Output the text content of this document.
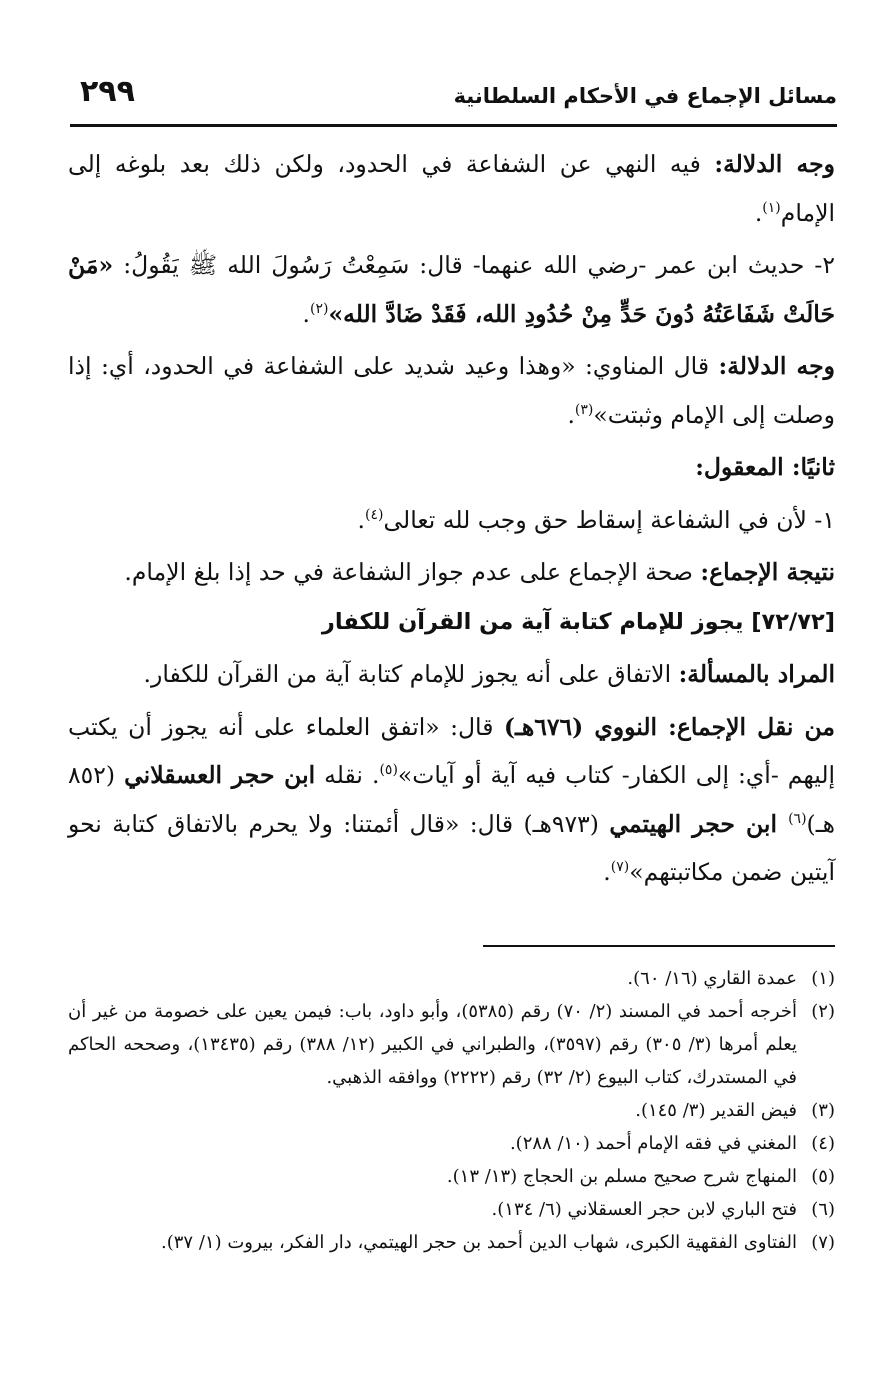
٢٩٩	مسائل الإجماع في الأحكام السلطانية

وجه الدلالة: فيه النهي عن الشفاعة في الحدود، ولكن ذلك بعد بلوغه إلى الإمام$^{(١)}$.

٢- حديث ابن عمر -رضي الله عنهما- قال: سَمِعْتُ رَسُولَ الله ﷺ يَقُولُ: «مَنْ حَالَتْ شَفَاعَتُهُ دُونَ حَدٍّ مِنْ حُدُودِ الله، فَقَدْ ضَادَّ الله»$^{(٢)}$.

وجه الدلالة: قال المناوي: «وهذا وعيد شديد على الشفاعة في الحدود، أي: إذا وصلت إلى الإمام وثبتت»$^{(٣)}$.

ثانيًا: المعقول:

١- لأن في الشفاعة إسقاط حق وجب لله تعالى$^{(٤)}$.

نتيجة الإجماع: صحة الإجماع على عدم جواز الشفاعة في حد إذا بلغ الإمام.

[٧٢/٧٢] يجوز للإمام كتابة آية من القرآن للكفار

المراد بالمسألة: الاتفاق على أنه يجوز للإمام كتابة آية من القرآن للكفار.

من نقل الإجماع: النووي (٦٧٦هـ) قال: «اتفق العلماء على أنه يجوز أن يكتب إليهم -أي: إلى الكفار- كتاب فيه آية أو آيات»$^{(٥)}$. نقله ابن حجر العسقلاني (٨٥٢ هـ)$^{(٦)}$ ابن حجر الهيتمي (٩٧٣هـ) قال: «قال أئمتنا: ولا يحرم بالاتفاق كتابة نحو آيتين ضمن مكاتبتهم»$^{(٧)}$.

(١)
عمدة القاري (١٦/ ٦٠).

(٢)
أخرجه أحمد في المسند (٢/ ٧٠) رقم (٥٣٨٥)، وأبو داود، باب: فيمن يعين على خصومة من غير أن يعلم أمرها (٣/ ٣٠٥) رقم (٣٥٩٧)، والطبراني في الكبير (١٢/ ٣٨٨) رقم (١٣٤٣٥)، وصححه الحاكم في المستدرك، كتاب البيوع (٢/ ٣٢) رقم (٢٢٢٢) ووافقه الذهبي.

(٣)
فيض القدير (٣/ ١٤٥).

(٤)
المغني في فقه الإمام أحمد (١٠/ ٢٨٨).

(٥)
المنهاج شرح صحيح مسلم بن الحجاج (١٣/ ١٣).

(٦)
فتح الباري لابن حجر العسقلاني (٦/ ١٣٤).

(٧)
الفتاوى الفقهية الكبرى، شهاب الدين أحمد بن حجر الهيتمي، دار الفكر، بيروت (١/ ٣٧).
